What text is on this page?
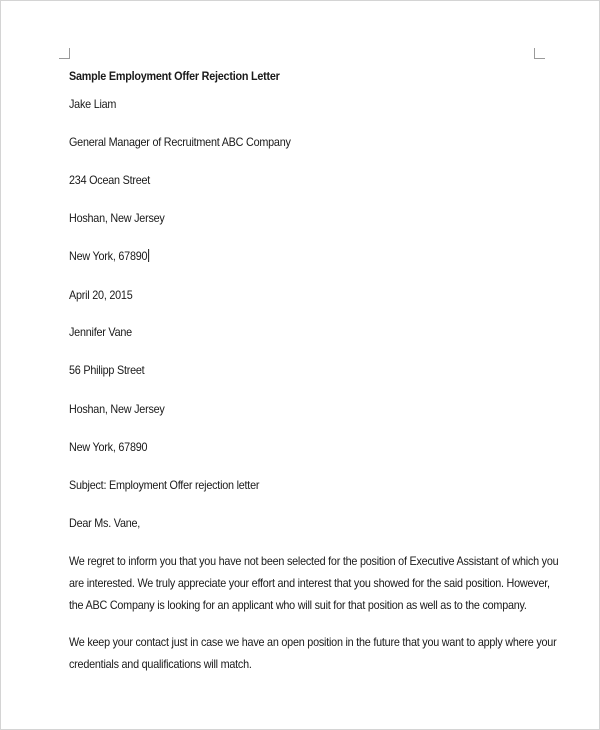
Sample Employment Offer Rejection Letter

Jake Liam

General Manager of Recruitment ABC Company

234 Ocean Street

Hoshan, New Jersey

New York, 67890

April 20, 2015

Jennifer Vane

56 Philipp Street

Hoshan, New Jersey

New York, 67890

Subject: Employment Offer rejection letter

Dear Ms. Vane,

We regret to inform you that you have not been selected for the position of Executive Assistant of which you
are interested. We truly appreciate your effort and interest that you showed for the said position. However,
the ABC Company is looking for an applicant who will suit for that position as well as to the company.
We keep your contact just in case we have an open position in the future that you want to apply where your
credentials and qualifications will match.
